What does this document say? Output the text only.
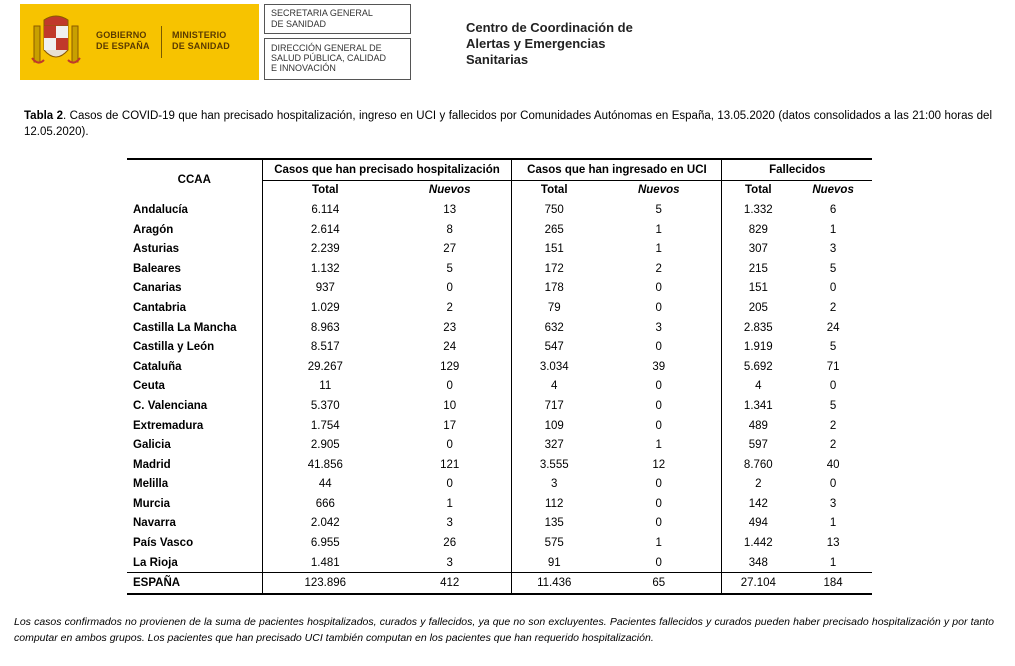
GOBIERNO
DE ESPAÑA
MINISTERIO
DE SANIDAD
SECRETARIA GENERAL
DE SANIDAD
DIRECCIÓN GENERAL DE
SALUD PÚBLICA, CALIDAD
E INNOVACIÓN
Centro de Coordinación de
Alertas y Emergencias
Sanitarias
Tabla 2. Casos de COVID-19 que han precisado hospitalización, ingreso en UCI y fallecidos por Comunidades Autónomas en España, 13.05.2020 (datos consolidados a las 21:00 horas del 12.05.2020).
CCAA	Casos que han precisado hospitalización		Casos que han ingresado en UCI		Fallecidos	
	Total	Nuevos	Total	Nuevos	Total	Nuevos
Andalucía	6.114	13	750	5	1.332	6
Aragón	2.614	8	265	1	829	1
Asturias	2.239	27	151	1	307	3
Baleares	1.132	5	172	2	215	5
Canarias	937	0	178	0	151	0
Cantabria	1.029	2	79	0	205	2
Castilla La Mancha	8.963	23	632	3	2.835	24
Castilla y León	8.517	24	547	0	1.919	5
Cataluña	29.267	129	3.034	39	5.692	71
Ceuta	11	0	4	0	4	0
C. Valenciana	5.370	10	717	0	1.341	5
Extremadura	1.754	17	109	0	489	2
Galicia	2.905	0	327	1	597	2
Madrid	41.856	121	3.555	12	8.760	40
Melilla	44	0	3	0	2	0
Murcia	666	1	112	0	142	3
Navarra	2.042	3	135	0	494	1
País Vasco	6.955	26	575	1	1.442	13
La Rioja	1.481	3	91	0	348	1
ESPAÑA	123.896	412	11.436	65	27.104	184
Los casos confirmados no provienen de la suma de pacientes hospitalizados, curados y fallecidos, ya que no son excluyentes. Pacientes fallecidos y curados pueden haber precisado hospitalización y por tanto computar en ambos grupos. Los pacientes que han precisado UCI también computan en los pacientes que han requerido hospitalización.
